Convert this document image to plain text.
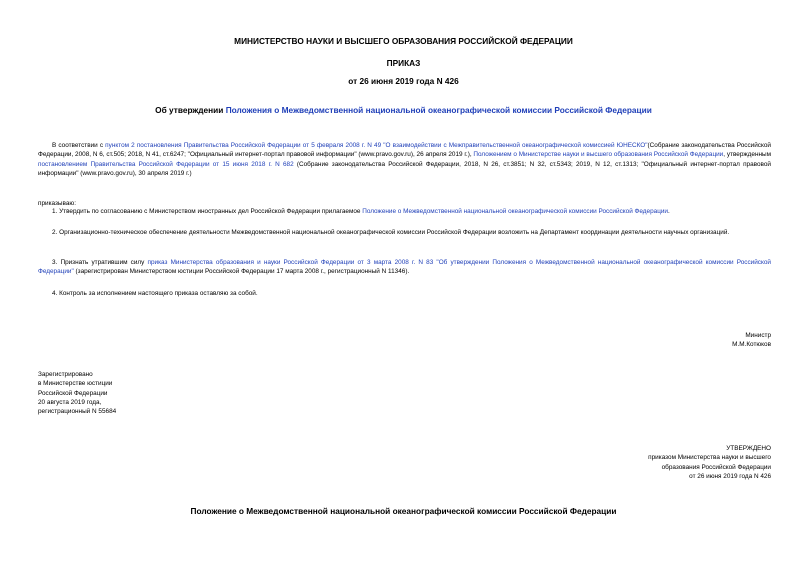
МИНИСТЕРСТВО НАУКИ И ВЫСШЕГО ОБРАЗОВАНИЯ РОССИЙСКОЙ ФЕДЕРАЦИИ
ПРИКАЗ
от 26 июня 2019 года N 426
Об утверждении Положения о Межведомственной национальной океанографической комиссии Российской Федерации
В соответствии с пунктом 2 постановления Правительства Российской Федерации от 5 февраля 2008 г. N 49 "О взаимодействии с Межправительственной океанографической комиссией ЮНЕСКО"(Собрание законодательства Российской Федерации, 2008, N 6, ст.505; 2018, N 41, ст.6247; "Официальный интернет-портал правовой информации" (www.pravo.gov.ru), 26 апреля 2019 г.), Положением о Министерстве науки и высшего образования Российской Федерации, утвержденным постановлением Правительства Российской Федерации от 15 июня 2018 г. N 682 (Собрание законодательства Российской Федерации, 2018, N 26, ст.3851; N 32, ст.5343; 2019, N 12, ст.1313; "Официальный интернет-портал правовой информации" (www.pravo.gov.ru), 30 апреля 2019 г.)
приказываю:
1. Утвердить по согласованию с Министерством иностранных дел Российской Федерации прилагаемое Положение о Межведомственной национальной океанографической комиссии Российской Федерации.
2. Организационно-техническое обеспечение деятельности Межведомственной национальной океанографической комиссии Российской Федерации возложить на Департамент координации деятельности научных организаций.
3. Признать утратившим силу приказ Министерства образования и науки Российской Федерации от 3 марта 2008 г. N 83 "Об утверждении Положения о Межведомственной национальной океанографической комиссии Российской Федерации" (зарегистрирован Министерством юстиции Российской Федерации 17 марта 2008 г., регистрационный N 11346).
4. Контроль за исполнением настоящего приказа оставляю за собой.
Министр
М.М.Котюков
Зарегистрировано
в Министерстве юстиции
Российской Федерации
20 августа 2019 года,
регистрационный N 55684
УТВЕРЖДЕНО
приказом Министерства науки и высшего
образования Российской Федерации
от 26 июня 2019 года N 426
Положение о Межведомственной национальной океанографической комиссии Российской Федерации
